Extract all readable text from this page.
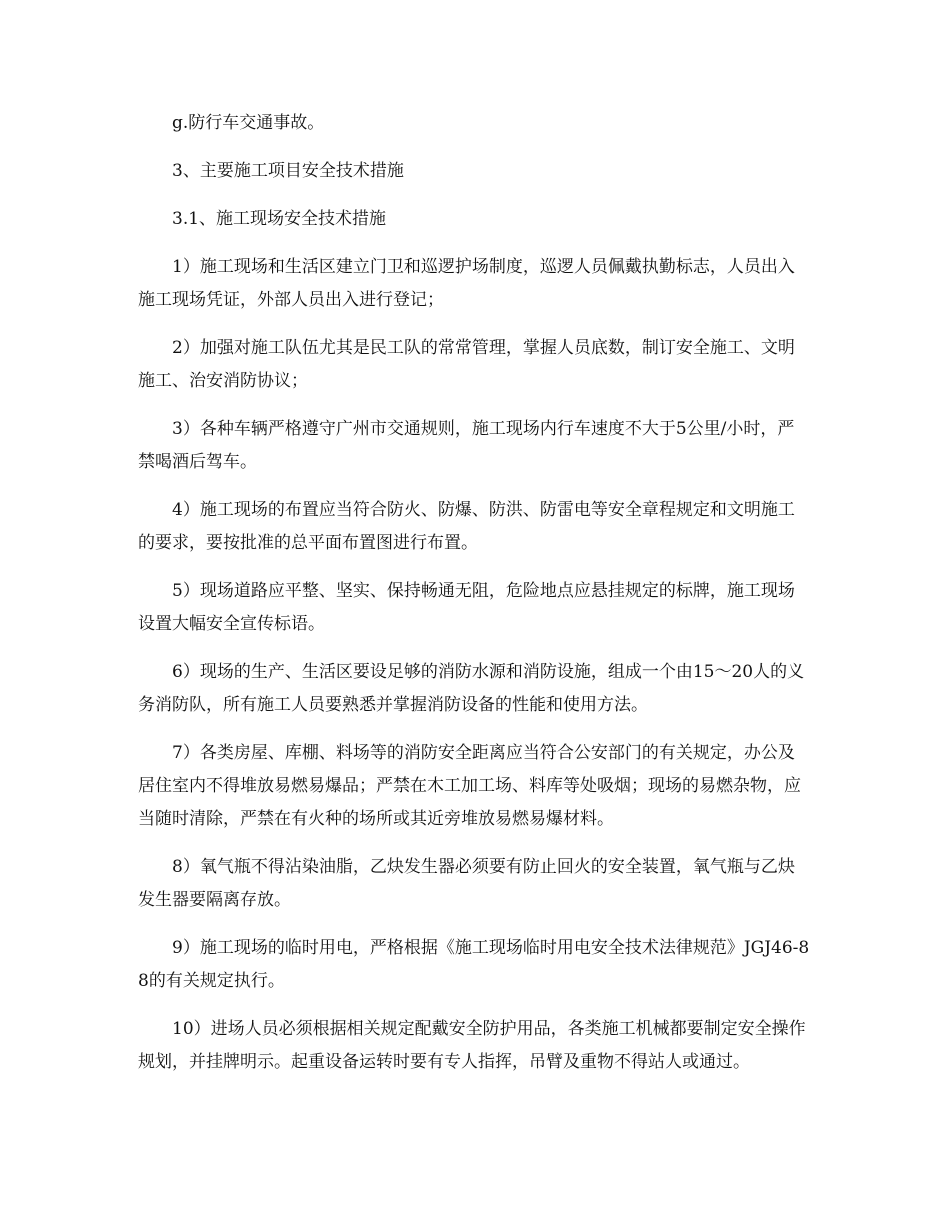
g.防行车交通事故。

3、主要施工项目安全技术措施

3.1、施工现场安全技术措施

1）施工现场和生活区建立门卫和巡逻护场制度，巡逻人员佩戴执勤标志，人员出入施工现场凭证，外部人员出入进行登记；

2）加强对施工队伍尤其是民工队的常常管理，掌握人员底数，制订安全施工、文明施工、治安消防协议；

3）各种车辆严格遵守广州市交通规则，施工现场内行车速度不大于5公里/小时，严禁喝酒后驾车。

4）施工现场的布置应当符合防火、防爆、防洪、防雷电等安全章程规定和文明施工的要求，要按批准的总平面布置图进行布置。

5）现场道路应平整、坚实、保持畅通无阻，危险地点应悬挂规定的标牌，施工现场设置大幅安全宣传标语。

6）现场的生产、生活区要设足够的消防水源和消防设施，组成一个由15～20人的义务消防队，所有施工人员要熟悉并掌握消防设备的性能和使用方法。

7）各类房屋、库棚、料场等的消防安全距离应当符合公安部门的有关规定，办公及居住室内不得堆放易燃易爆品；严禁在木工加工场、料库等处吸烟；现场的易燃杂物，应当随时清除，严禁在有火种的场所或其近旁堆放易燃易爆材料。

8）氧气瓶不得沾染油脂，乙炔发生器必须要有防止回火的安全装置，氧气瓶与乙炔发生器要隔离存放。

9）施工现场的临时用电，严格根据《施工现场临时用电安全技术法律规范》JGJ46-88的有关规定执行。

10）进场人员必须根据相关规定配戴安全防护用品，各类施工机械都要制定安全操作规划，并挂牌明示。起重设备运转时要有专人指挥，吊臂及重物不得站人或通过。
